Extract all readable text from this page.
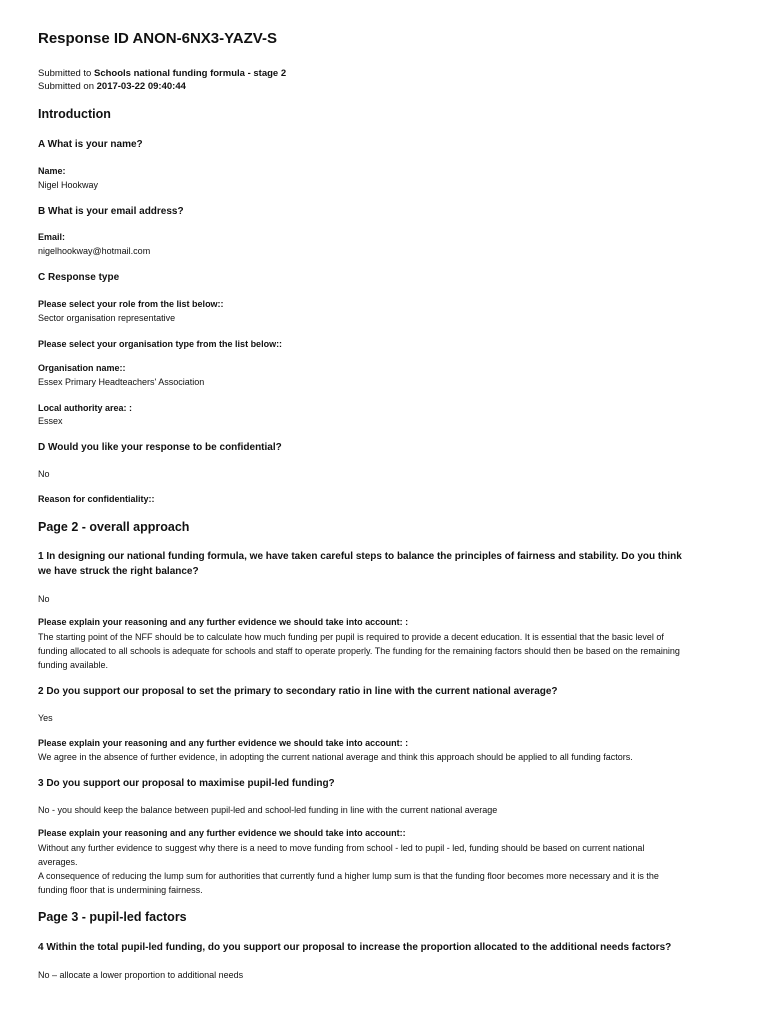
Response ID ANON-6NX3-YAZV-S
Submitted to Schools national funding formula - stage 2
Submitted on 2017-03-22 09:40:44
Introduction
A What is your name?
Name:
Nigel Hookway
B What is your email address?
Email:
nigelhookway@hotmail.com
C Response type
Please select your role from the list below::
Sector organisation representative
Please select your organisation type from the list below::
Organisation name::
Essex Primary Headteachers' Association
Local authority area: :
Essex
D Would you like your response to be confidential?
No
Reason for confidentiality::
Page 2 - overall approach
1 In designing our national funding formula, we have taken careful steps to balance the principles of fairness and stability. Do you think
we have struck the right balance?
No
Please explain your reasoning and any further evidence we should take into account: :
The starting point of the NFF should be to calculate how much funding per pupil is required to provide a decent education. It is essential that the basic level of
funding allocated to all schools is adequate for schools and staff to operate properly. The funding for the remaining factors should then be based on the remaining
funding available.
2 Do you support our proposal to set the primary to secondary ratio in line with the current national average?
Yes
Please explain your reasoning and any further evidence we should take into account: :
We agree in the absence of further evidence, in adopting the current national average and think this approach should be applied to all funding factors.
3 Do you support our proposal to maximise pupil-led funding?
No - you should keep the balance between pupil-led and school-led funding in line with the current national average
Please explain your reasoning and any further evidence we should take into account::
Without any further evidence to suggest why there is a need to move funding from school - led to pupil - led, funding should be based on current national
averages.
A consequence of reducing the lump sum for authorities that currently fund a higher lump sum is that the funding floor becomes more necessary and it is the
funding floor that is undermining fairness.
Page 3 - pupil-led factors
4 Within the total pupil-led funding, do you support our proposal to increase the proportion allocated to the additional needs factors?
No – allocate a lower proportion to additional needs
